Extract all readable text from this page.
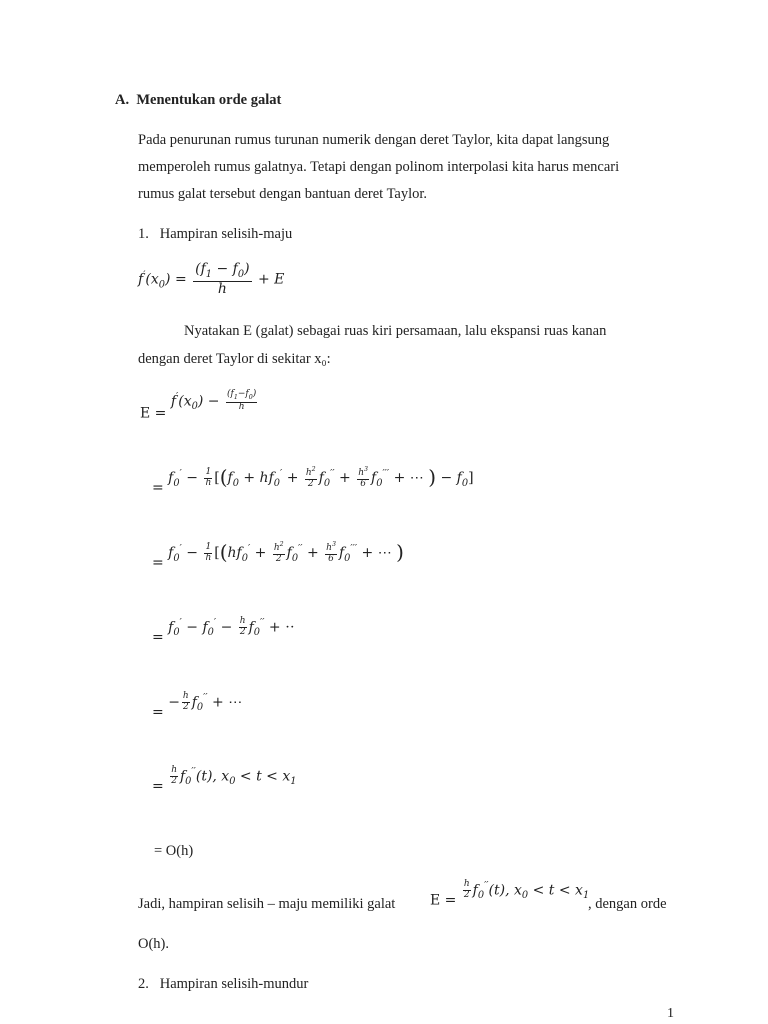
A.  Menentukan orde galat
Pada penurunan rumus turunan numerik dengan deret Taylor, kita dapat langsung
memperoleh rumus galatnya. Tetapi dengan polinom interpolasi kita harus mencari
rumus galat tersebut dengan bantuan deret Taylor.
1.   Hampiran selisih-maju
$f'(x_0) = \frac{(f_1 - f_0)}{h} + E$
Nyatakan E (galat) sebagai ruas kiri persamaan, lalu ekspansi ruas kanan
dengan deret Taylor di sekitar x₀:
$E = f'(x_0) - \frac{(f_1-f_0)}{h}$
= $f_0' - \frac{1}{h} [(f_0 + hf_0' + \frac{h^2}{2} f_0'' + \frac{h^3}{6} f_0'''$ + ⋯ ) − $f_0$]
= $f_0' - \frac{1}{h} [(hf_0' + \frac{h^2}{2} f_0'' + \frac{h^3}{6} f_0'''$ + ⋯ )
= $f_0' - f_0' - \frac{h}{2} f_0''$ + ⋅⋅
= − $\frac{h}{2} f_0''$ + ⋯
= $\frac{h}{2} f_0''(t)$, $x_0 < t < x_1$
= O(h)
Jadi, hampiran selisih – maju memiliki galat $E = \frac{h}{2} f_0''(t)$, $x_0 < t < x_1$
, dengan orde
O(h).
2.   Hampiran selisih-mundur
1
